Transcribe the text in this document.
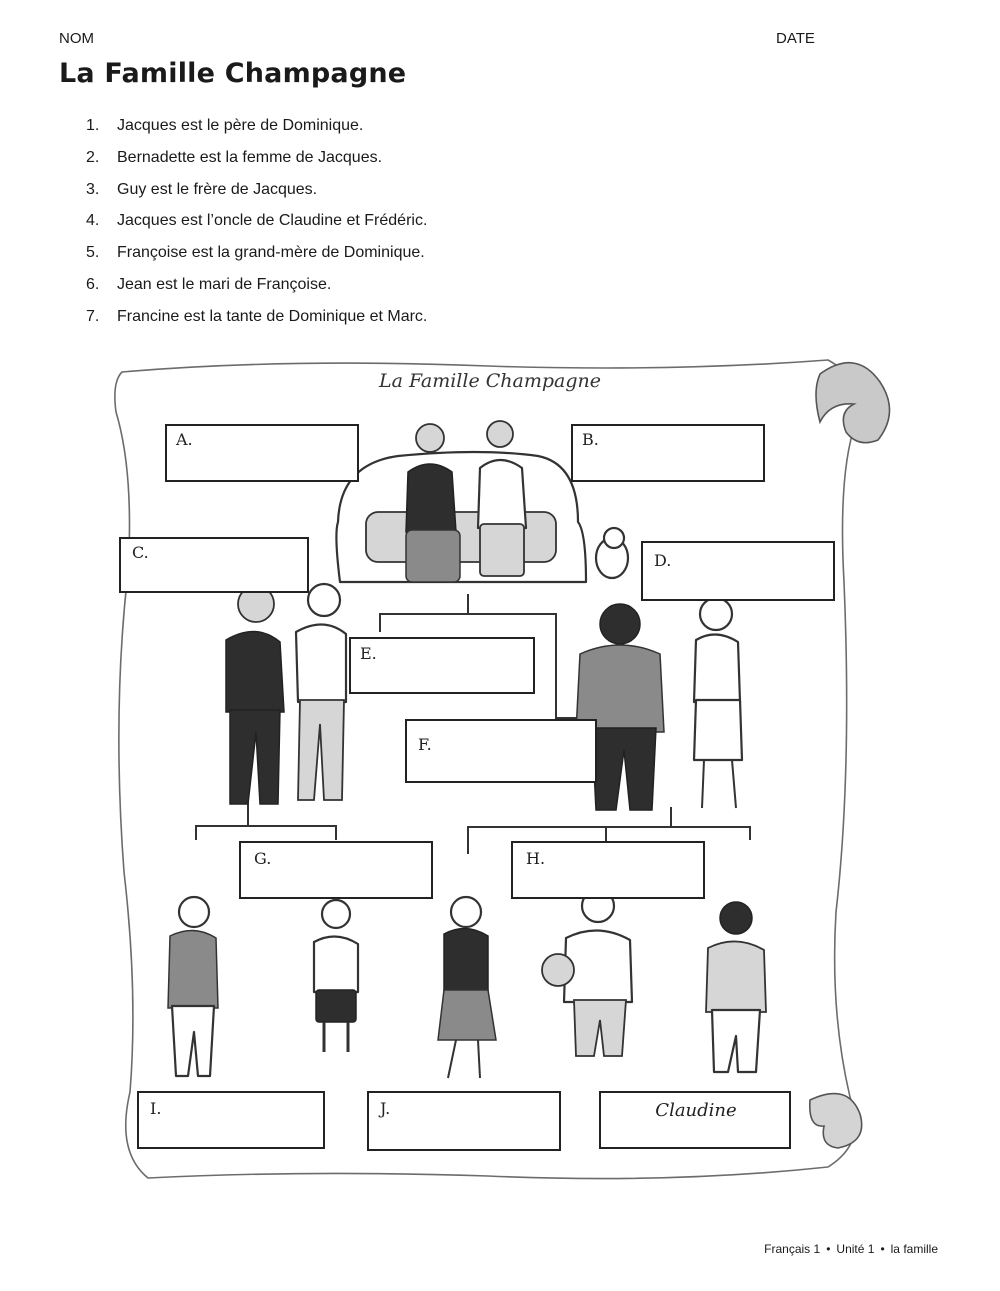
NOM	DATE
La Famille Champagne
1. Jacques est le père de Dominique.
2. Bernadette est la femme de Jacques.
3. Guy est le frère de Jacques.
4. Jacques est l’oncle de Claudine et Frédéric.
5. Françoise est la grand-mère de Dominique.
6. Jean est le mari de Françoise.
7. Francine est la tante de Dominique et Marc.
La Famille Champagne
A.	B.
C.	D.
E.
F.
G.	H.
I.	J.	Claudine
Français 1 • Unité 1 • la famille
